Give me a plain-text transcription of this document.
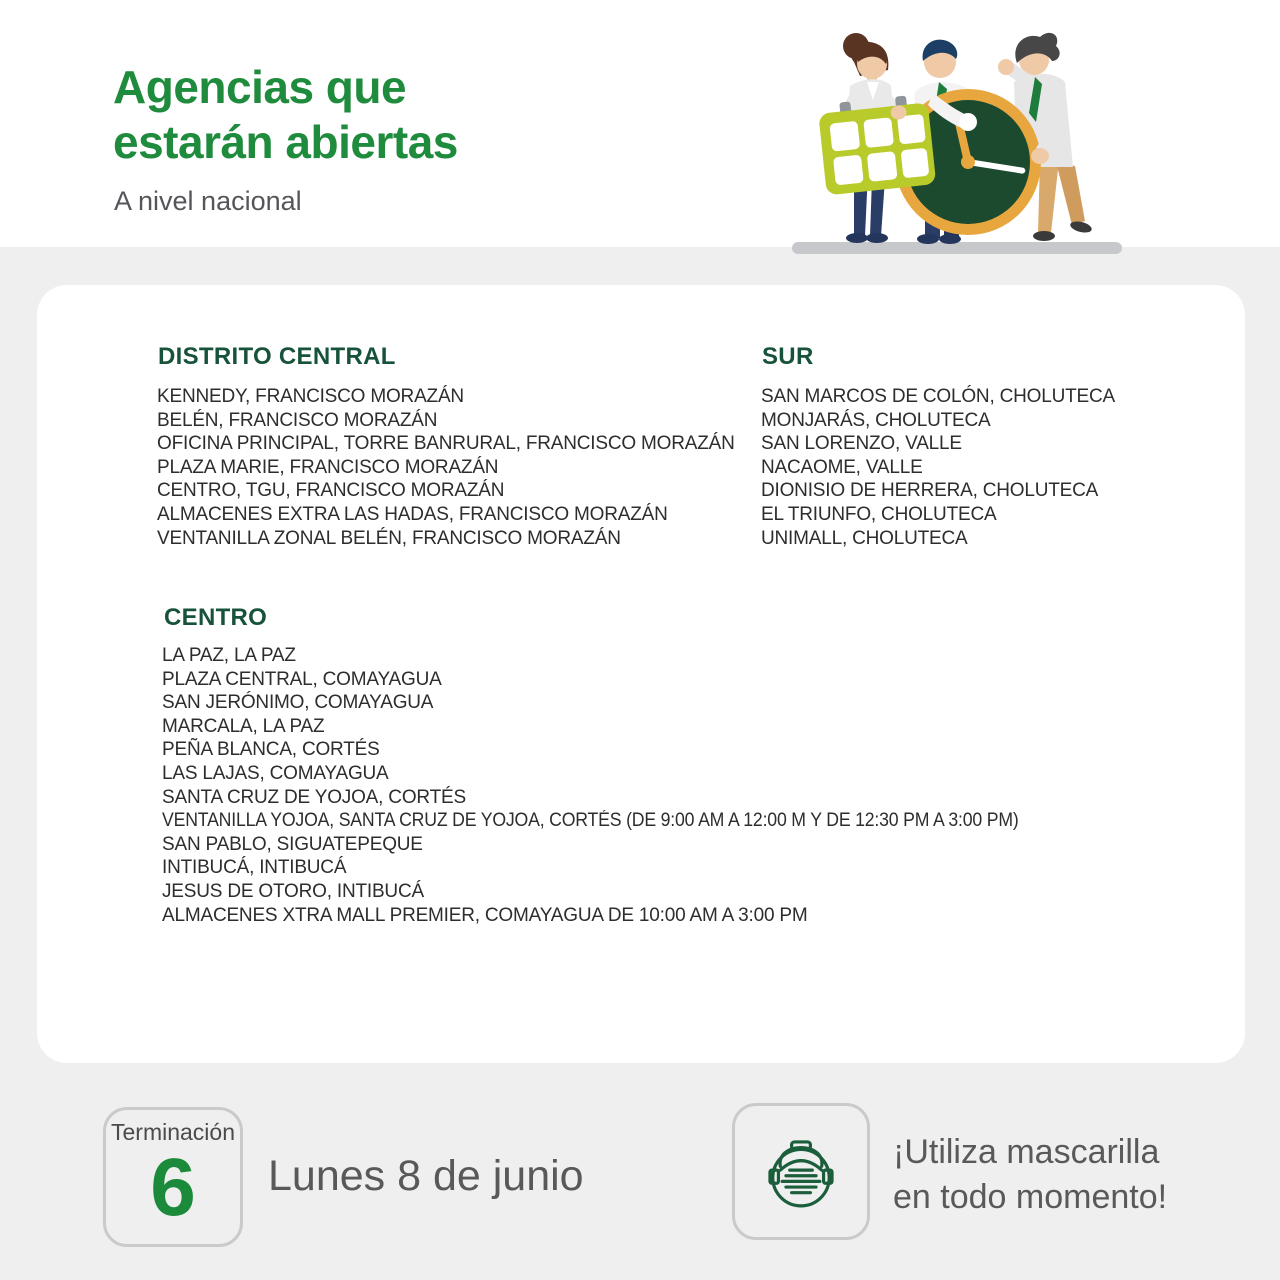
Agencias que
estarán abiertas
A nivel nacional
DISTRITO CENTRAL
KENNEDY, FRANCISCO MORAZÁN
BELÉN, FRANCISCO MORAZÁN
OFICINA PRINCIPAL, TORRE BANRURAL, FRANCISCO MORAZÁN
PLAZA MARIE, FRANCISCO MORAZÁN
CENTRO, TGU, FRANCISCO MORAZÁN
ALMACENES EXTRA LAS HADAS, FRANCISCO MORAZÁN
VENTANILLA ZONAL BELÉN, FRANCISCO MORAZÁN
SUR
SAN MARCOS DE COLÓN, CHOLUTECA
MONJARÁS, CHOLUTECA
SAN LORENZO, VALLE
NACAOME, VALLE
DIONISIO DE HERRERA, CHOLUTECA
EL TRIUNFO, CHOLUTECA
UNIMALL, CHOLUTECA
CENTRO
LA PAZ, LA PAZ
PLAZA CENTRAL, COMAYAGUA
SAN JERÓNIMO, COMAYAGUA
MARCALA, LA PAZ
PEÑA BLANCA, CORTÉS
LAS LAJAS, COMAYAGUA
SANTA CRUZ DE YOJOA, CORTÉS
VENTANILLA YOJOA, SANTA CRUZ DE YOJOA, CORTÉS (DE 9:00 AM A 12:00 M Y DE 12:30 PM A 3:00 PM)
SAN PABLO, SIGUATEPEQUE
INTIBUCÁ, INTIBUCÁ
JESUS DE OTORO, INTIBUCÁ
ALMACENES XTRA MALL PREMIER, COMAYAGUA DE 10:00 AM A 3:00 PM
Terminación
6 Lunes 8 de junio	¡Utiliza mascarilla
en todo momento!
